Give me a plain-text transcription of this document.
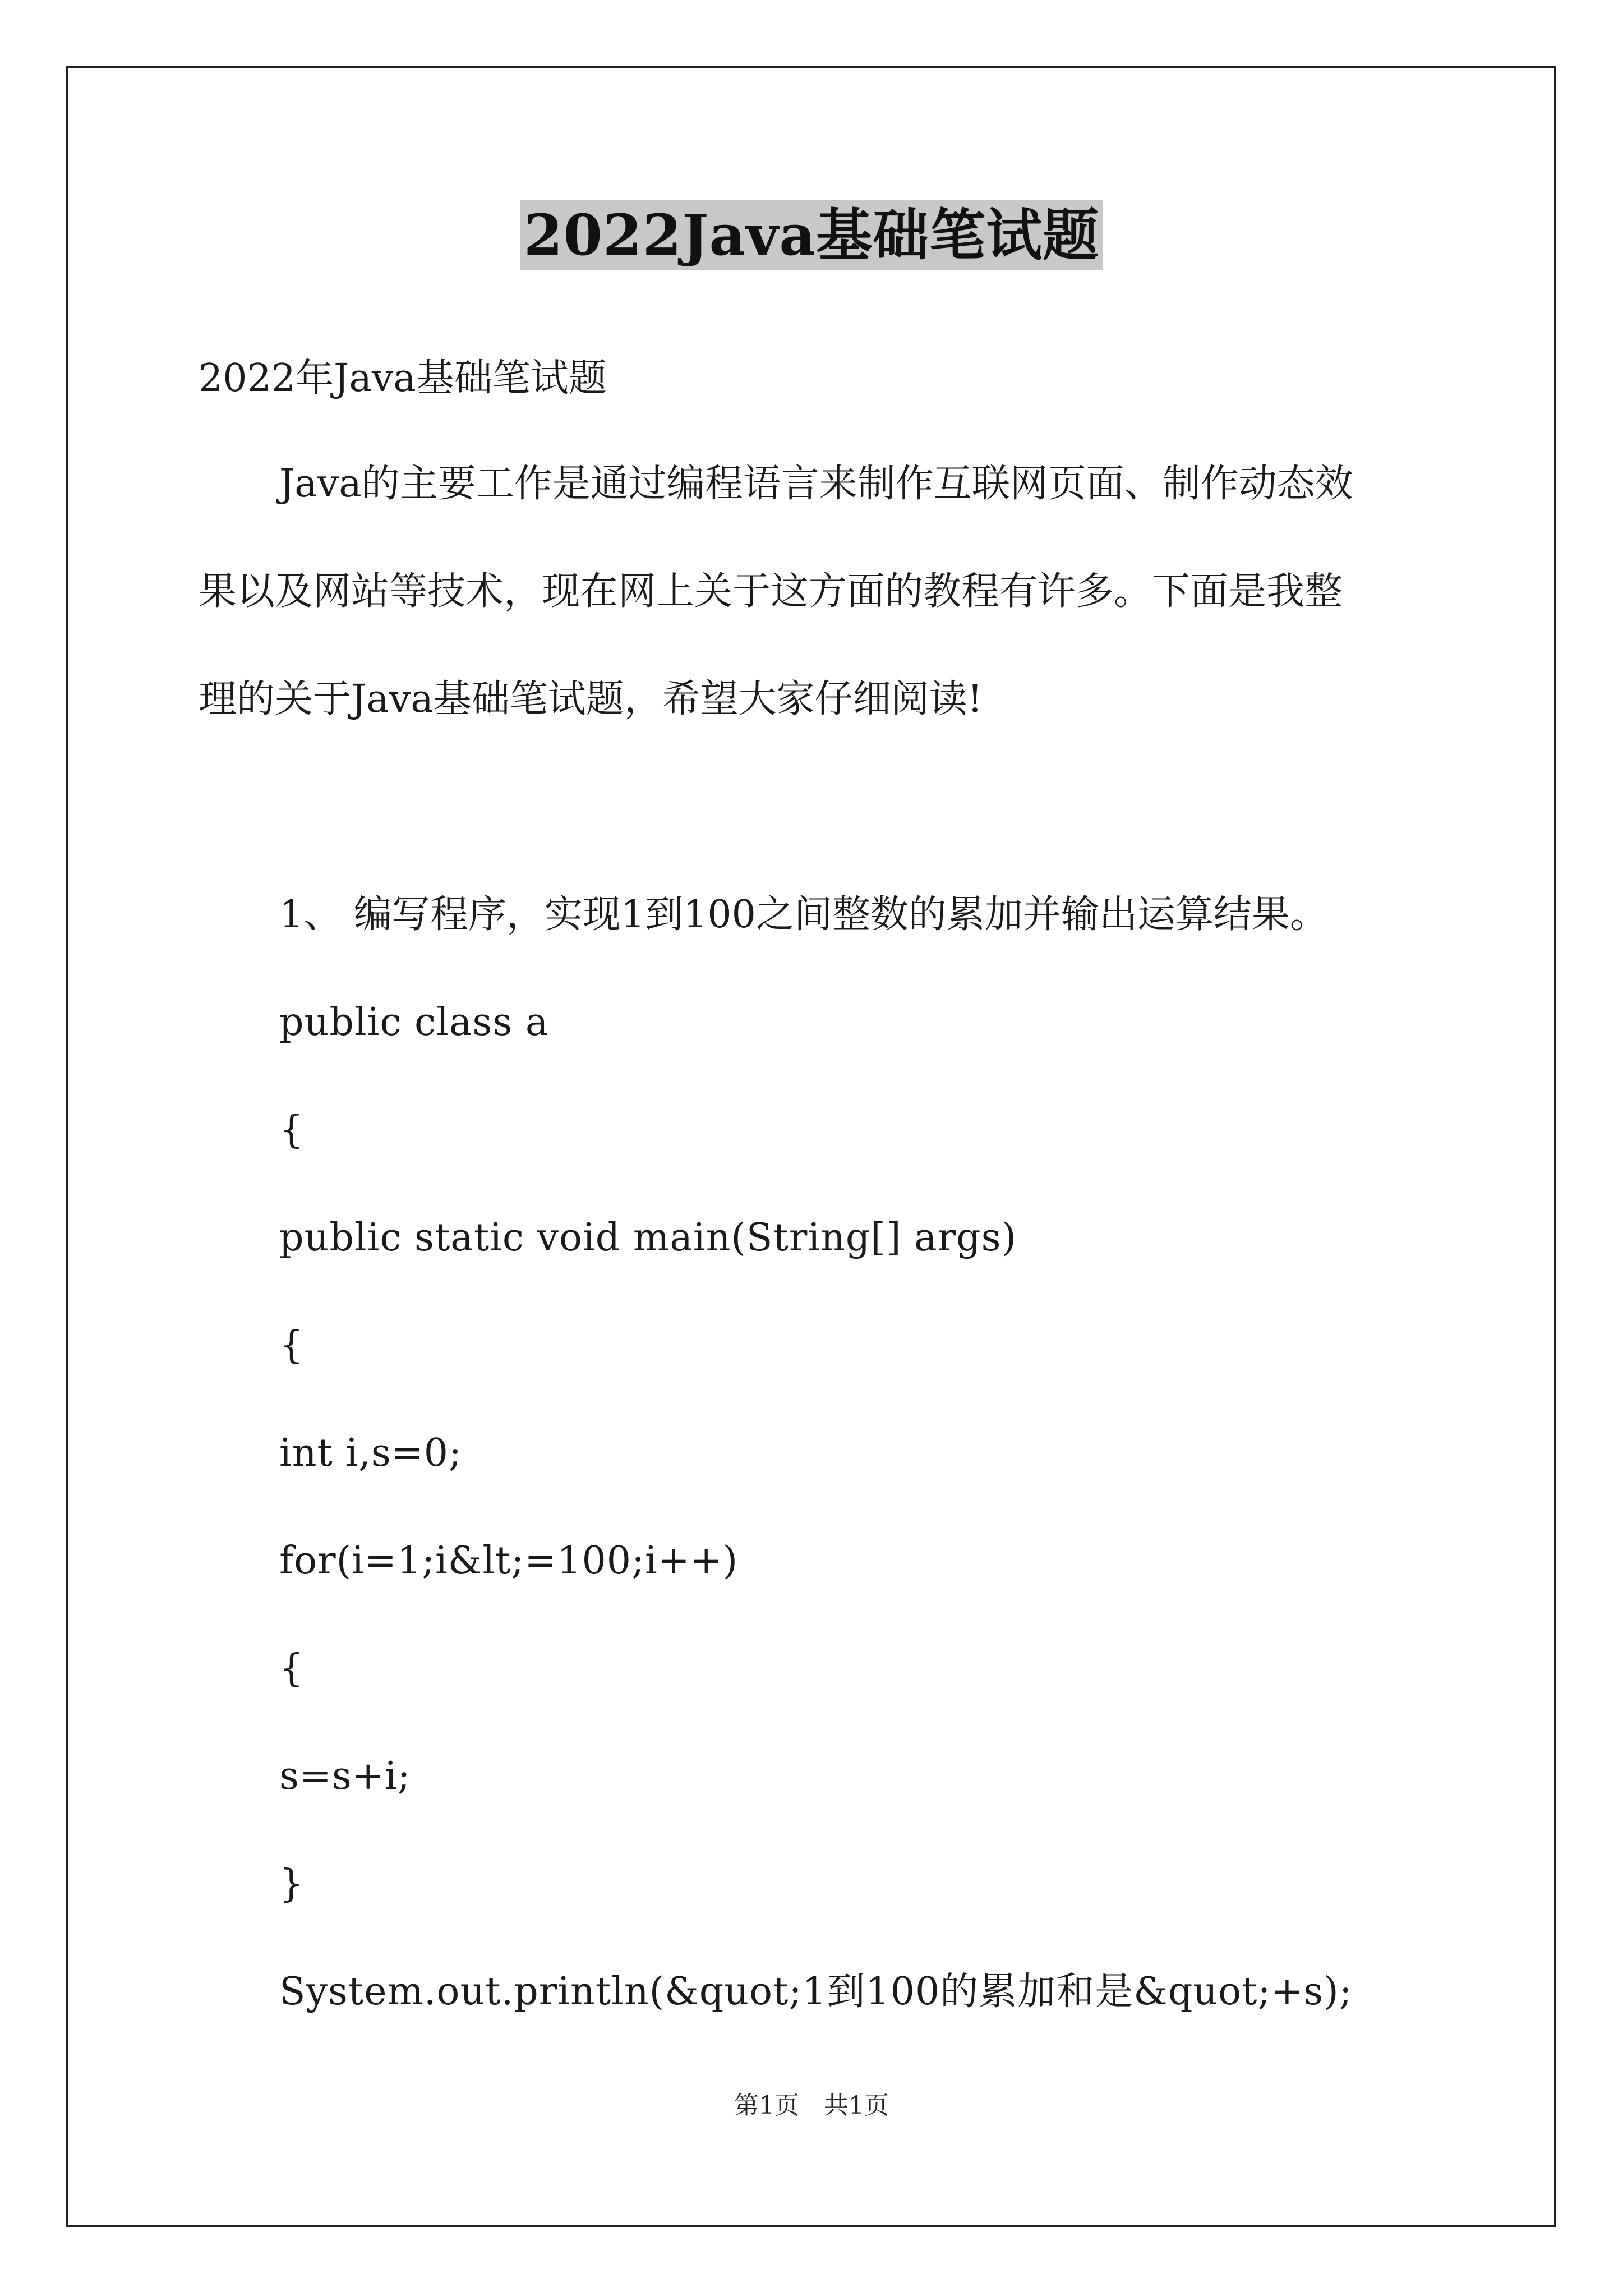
2022Java基础笔试题
2022年Java基础笔试题
Java的主要工作是通过编程语言来制作互联网页面、制作动态效
果以及网站等技术，现在网上关于这方面的教程有许多。下面是我整
理的关于Java基础笔试题，希望大家仔细阅读!
1、 编写程序，实现1到100之间整数的累加并输出运算结果。
public class a
{
public static void main(String[] args)
{
int i,s=0;
for(i=1;i&lt;=100;i++)
{
s=s+i;
}
System.out.println(&quot;1到100的累加和是&quot;+s);
第1页　共1页
